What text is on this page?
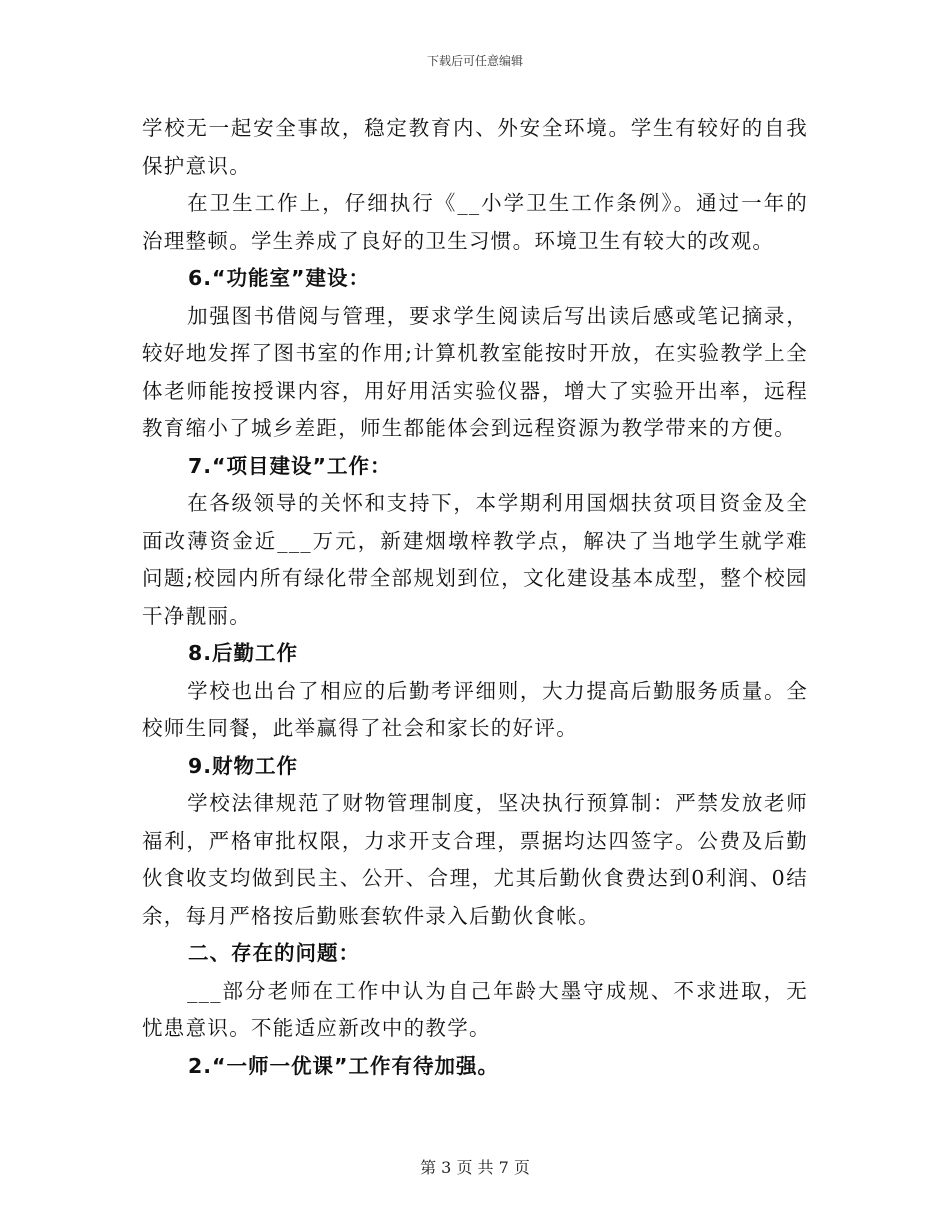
下载后可任意编辑

学校无一起安全事故，稳定教育内、外安全环境。学生有较好的自我保护意识。

在卫生工作上，仔细执行《__小学卫生工作条例》。通过一年的治理整顿。学生养成了良好的卫生习惯。环境卫生有较大的改观。

6.“功能室”建设：

加强图书借阅与管理，要求学生阅读后写出读后感或笔记摘录，较好地发挥了图书室的作用;计算机教室能按时开放，在实验教学上全体老师能按授课内容，用好用活实验仪器，增大了实验开出率，远程教育缩小了城乡差距，师生都能体会到远程资源为教学带来的方便。

7.“项目建设”工作：

在各级领导的关怀和支持下，本学期利用国烟扶贫项目资金及全面改薄资金近___万元，新建烟墩梓教学点，解决了当地学生就学难问题;校园内所有绿化带全部规划到位，文化建设基本成型，整个校园干净靓丽。

8.后勤工作

学校也出台了相应的后勤考评细则，大力提高后勤服务质量。全校师生同餐，此举赢得了社会和家长的好评。

9.财物工作

学校法律规范了财物管理制度，坚决执行预算制：严禁发放老师福利，严格审批权限，力求开支合理，票据均达四签字。公费及后勤伙食收支均做到民主、公开、合理，尤其后勤伙食费达到0利润、0结余，每月严格按后勤账套软件录入后勤伙食帐。

二、存在的问题：

___部分老师在工作中认为自己年龄大墨守成规、不求进取，无忧患意识。不能适应新改中的教学。

2.“一师一优课”工作有待加强。

第 3 页 共 7 页
